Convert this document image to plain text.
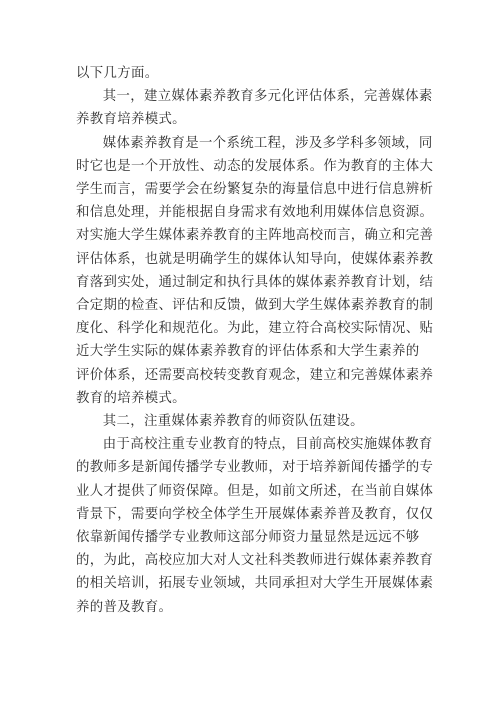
以下几方面。

其一，建立媒体素养教育多元化评估体系，完善媒体素
养教育培养模式。

媒体素养教育是一个系统工程，涉及多学科多领域，同
时它也是一个开放性、动态的发展体系。作为教育的主体大
学生而言，需要学会在纷繁复杂的海量信息中进行信息辨析
和信息处理，并能根据自身需求有效地利用媒体信息资源。
对实施大学生媒体素养教育的主阵地高校而言，确立和完善
评估体系，也就是明确学生的媒体认知导向，使媒体素养教
育落到实处，通过制定和执行具体的媒体素养教育计划，结
合定期的检查、评估和反馈，做到大学生媒体素养教育的制
度化、科学化和规范化。为此，建立符合高校实际情况、贴
近大学生实际的媒体素养教育的评估体系和大学生素养的
评价体系，还需要高校转变教育观念，建立和完善媒体素养
教育的培养模式。

其二，注重媒体素养教育的师资队伍建设。

由于高校注重专业教育的特点，目前高校实施媒体教育
的教师多是新闻传播学专业教师，对于培养新闻传播学的专
业人才提供了师资保障。但是，如前文所述，在当前自媒体
背景下，需要向学校全体学生开展媒体素养普及教育，仅仅
依靠新闻传播学专业教师这部分师资力量显然是远远不够
的，为此，高校应加大对人文社科类教师进行媒体素养教育
的相关培训，拓展专业领域，共同承担对大学生开展媒体素
养的普及教育。
